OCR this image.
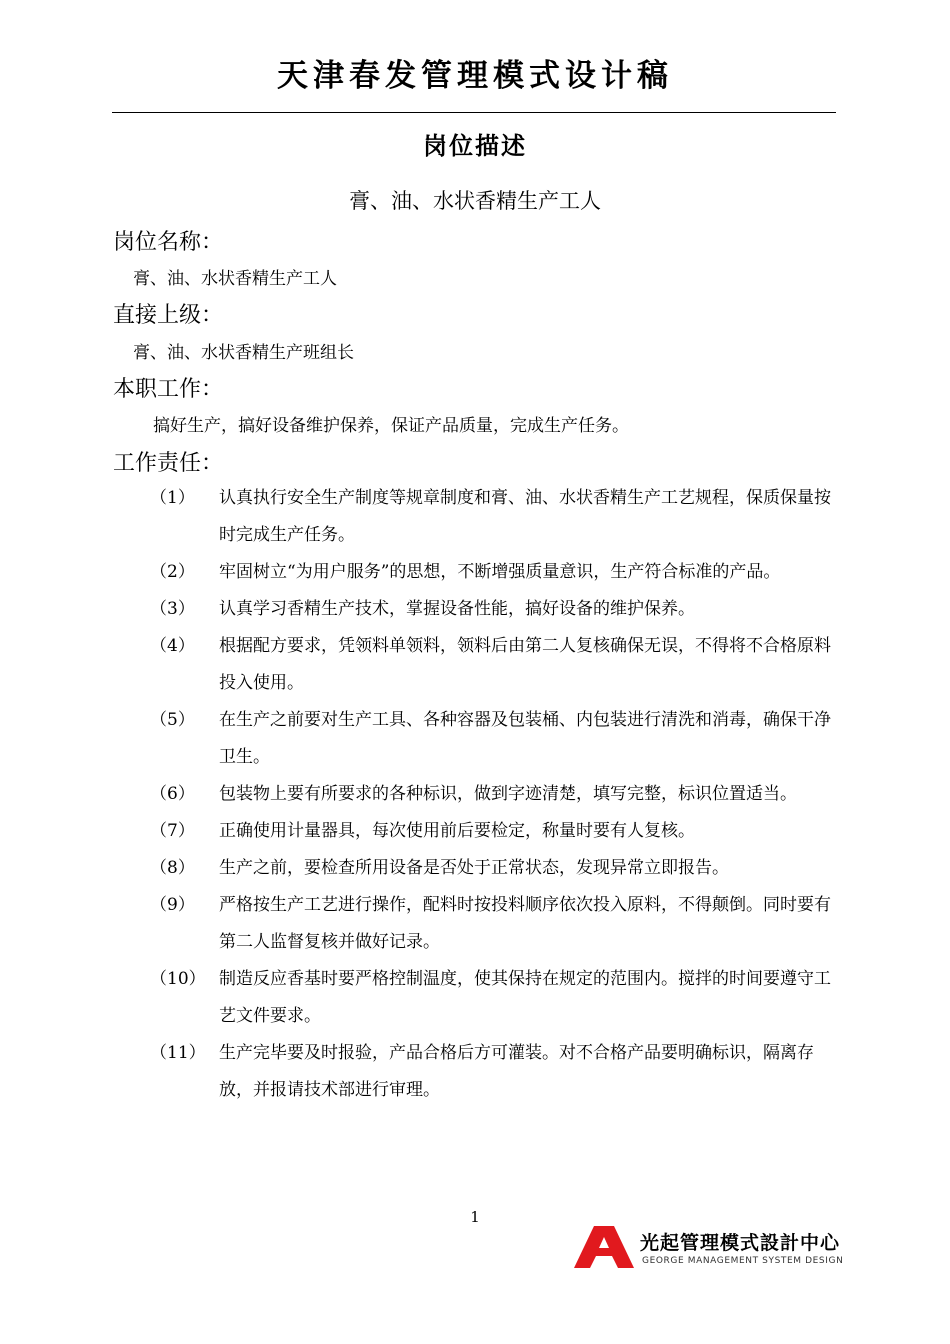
天津春发管理模式设计稿
岗位描述
膏、油、水状香精生产工人
岗位名称：
膏、油、水状香精生产工人
直接上级：
膏、油、水状香精生产班组长
本职工作：
搞好生产，搞好设备维护保养，保证产品质量，完成生产任务。
工作责任：
（1）	认真执行安全生产制度等规章制度和膏、油、水状香精生产工艺规程，保质保量按时完成生产任务。
（2）	牢固树立“为用户服务”的思想，不断增强质量意识，生产符合标准的产品。
（3）	认真学习香精生产技术，掌握设备性能，搞好设备的维护保养。
（4）	根据配方要求，凭领料单领料，领料后由第二人复核确保无误，不得将不合格原料投入使用。
（5）	在生产之前要对生产工具、各种容器及包装桶、内包装进行清洗和消毒，确保干净卫生。
（6）	包装物上要有所要求的各种标识，做到字迹清楚，填写完整，标识位置适当。
（7）	正确使用计量器具，每次使用前后要检定，称量时要有人复核。
（8）	生产之前，要检查所用设备是否处于正常状态，发现异常立即报告。
（9）	严格按生产工艺进行操作，配料时按投料顺序依次投入原料，不得颠倒。同时要有第二人监督复核并做好记录。
（10） 制造反应香基时要严格控制温度，使其保持在规定的范围内。搅拌的时间要遵守工艺文件要求。
（11） 生产完毕要及时报验，产品合格后方可灌装。对不合格产品要明确标识，隔离存放，并报请技术部进行审理。
1
光起管理模式設計中心
GEORGE MANAGEMENT SYSTEM DESIGN
